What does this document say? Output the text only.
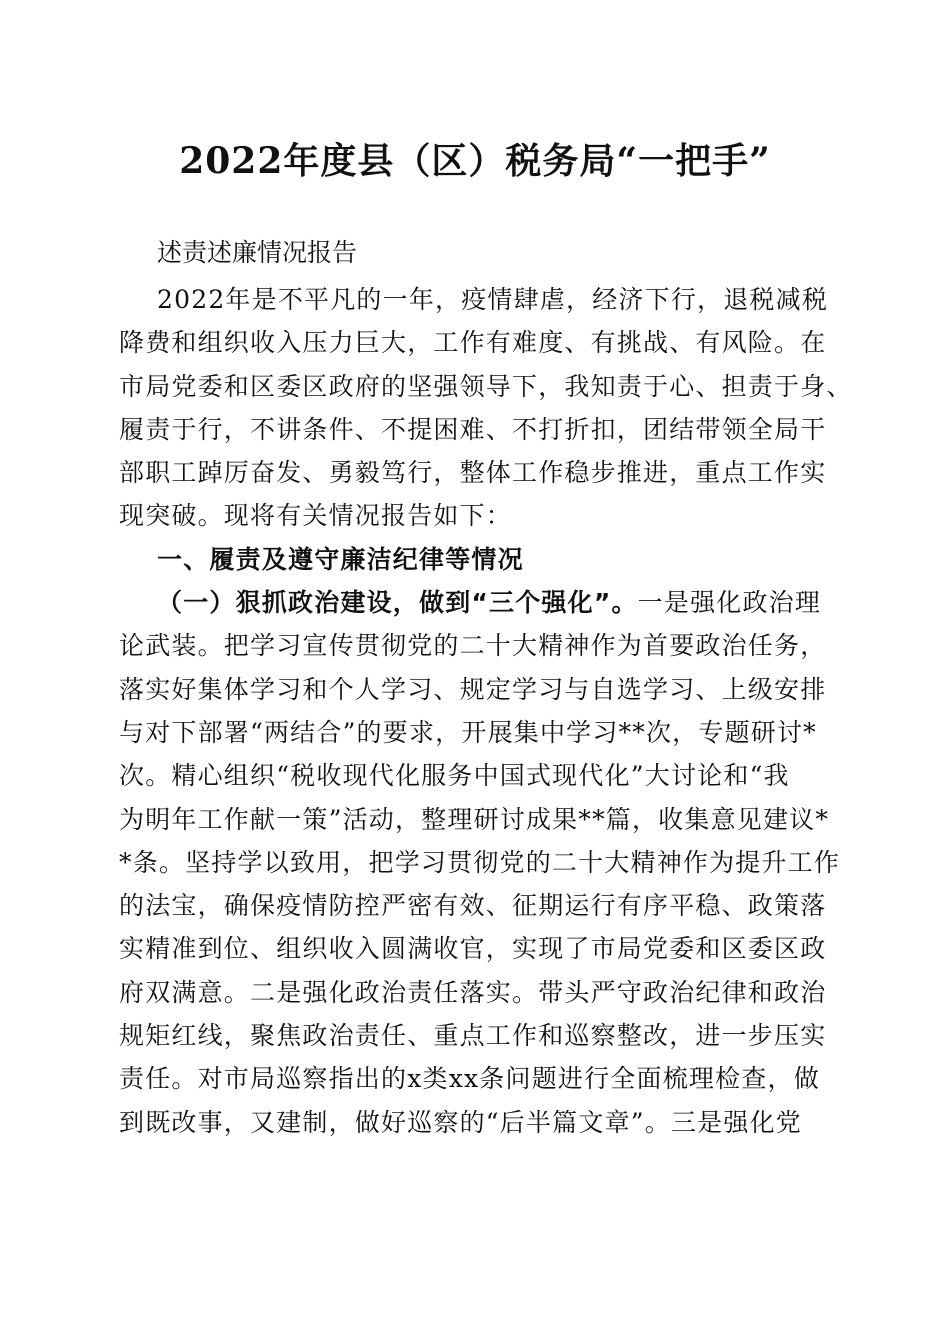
2022年度县（区）税务局“一把手”

述责述廉情况报告

2022年是不平凡的一年，疫情肆虐，经济下行，退税减税
降费和组织收入压力巨大，工作有难度、有挑战、有风险。在
市局党委和区委区政府的坚强领导下，我知责于心、担责于身、
履责于行，不讲条件、不提困难、不打折扣，团结带领全局干
部职工踔厉奋发、勇毅笃行，整体工作稳步推进，重点工作实
现突破。现将有关情况报告如下：
一、履责及遵守廉洁纪律等情况
（一）狠抓政治建设，做到“三个强化”。一是强化政治理
论武装。把学习宣传贯彻党的二十大精神作为首要政治任务，
落实好集体学习和个人学习、规定学习与自选学习、上级安排
与对下部署“两结合”的要求，开展集中学习**次，专题研讨*
次。精心组织“税收现代化服务中国式现代化”大讨论和“我
为明年工作献一策”活动，整理研讨成果**篇，收集意见建议*
*条。坚持学以致用，把学习贯彻党的二十大精神作为提升工作
的法宝，确保疫情防控严密有效、征期运行有序平稳、政策落
实精准到位、组织收入圆满收官，实现了市局党委和区委区政
府双满意。二是强化政治责任落实。带头严守政治纪律和政治
规矩红线，聚焦政治责任、重点工作和巡察整改，进一步压实
责任。对市局巡察指出的x类xx条问题进行全面梳理检查，做
到既改事，又建制，做好巡察的“后半篇文章”。三是强化党
